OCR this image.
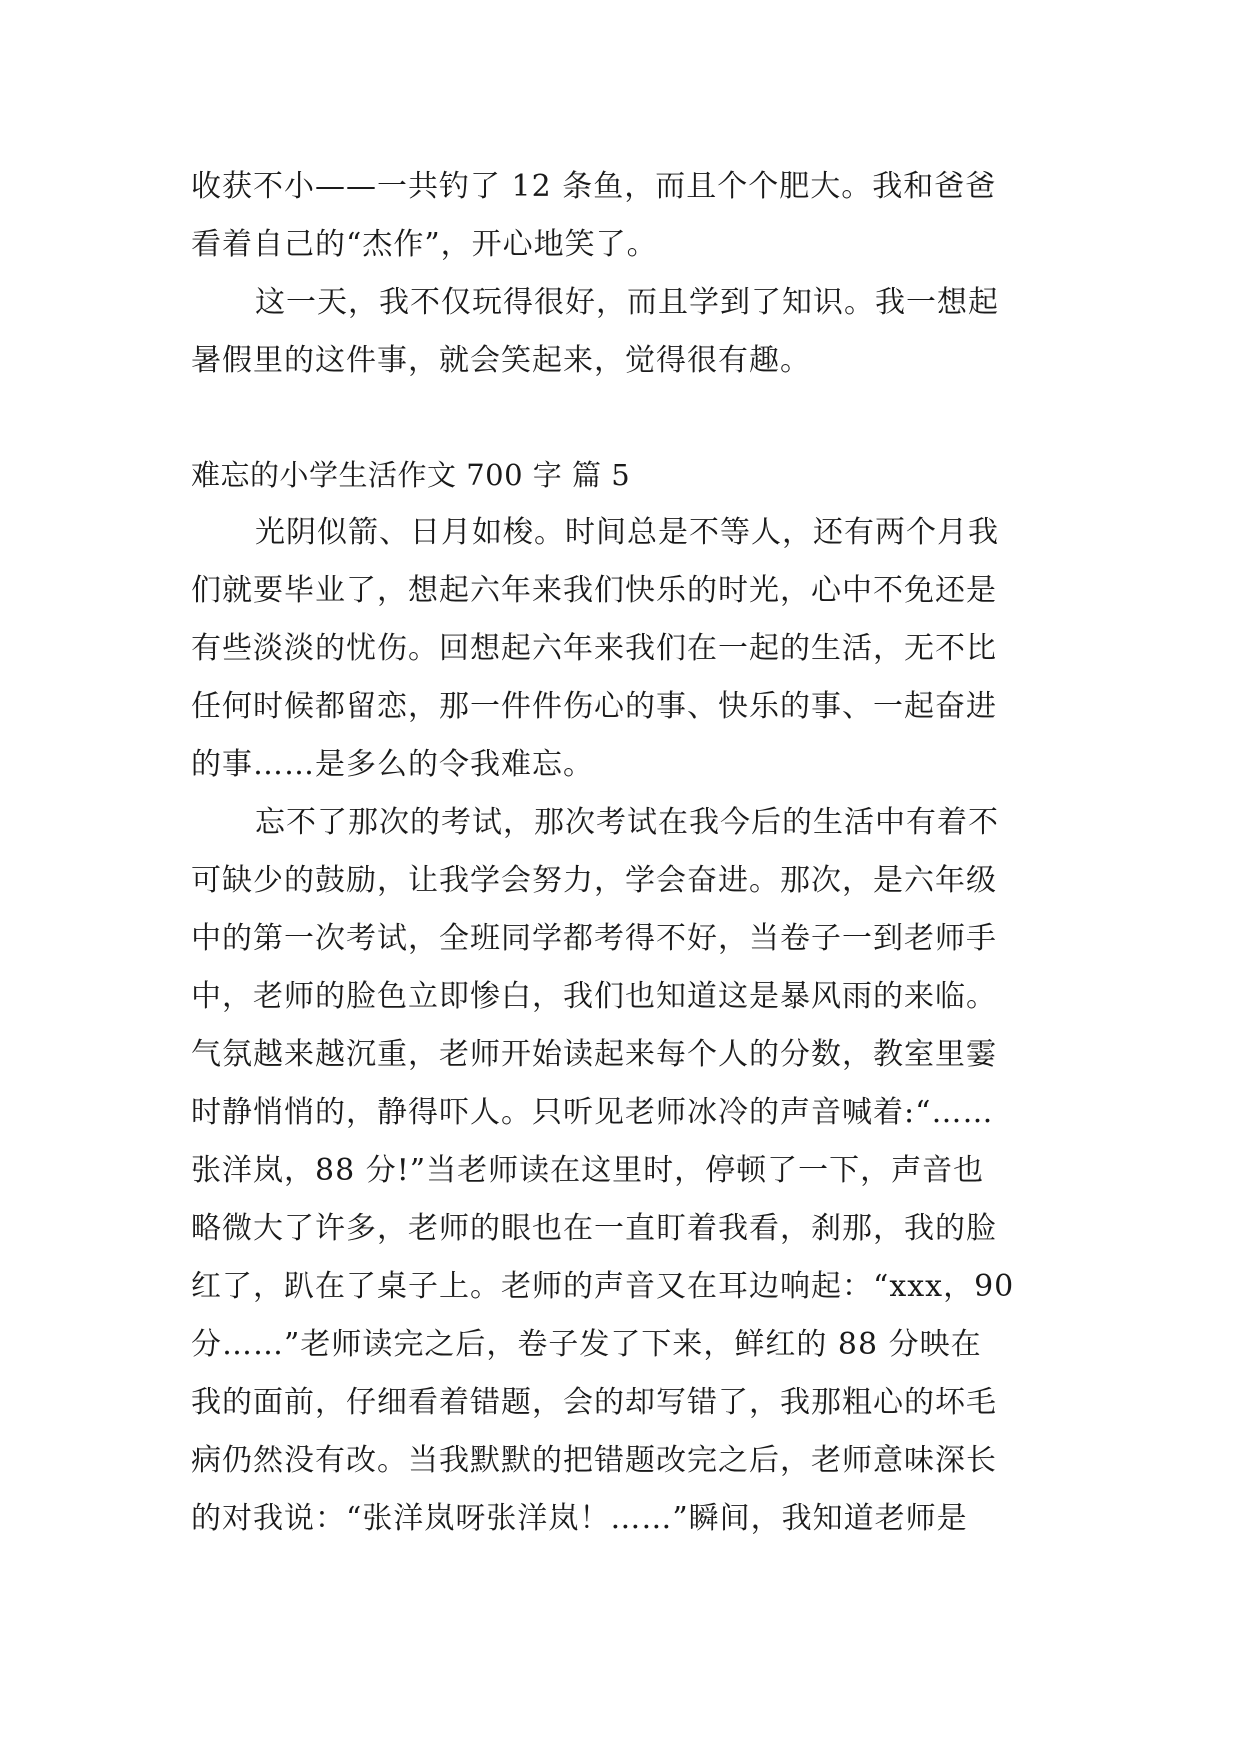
收获不小——一共钓了 12 条鱼，而且个个肥大。我和爸爸
看着自己的“杰作”，开心地笑了。
这一天，我不仅玩得很好，而且学到了知识。我一想起
暑假里的这件事，就会笑起来，觉得很有趣。
难忘的小学生活作文 700 字 篇 5
光阴似箭、日月如梭。时间总是不等人，还有两个月我
们就要毕业了，想起六年来我们快乐的时光，心中不免还是
有些淡淡的忧伤。回想起六年来我们在一起的生活，无不比
任何时候都留恋，那一件件伤心的事、快乐的事、一起奋进
的事……是多么的令我难忘。
忘不了那次的考试，那次考试在我今后的生活中有着不
可缺少的鼓励，让我学会努力，学会奋进。那次，是六年级
中的第一次考试，全班同学都考得不好，当卷子一到老师手
中，老师的脸色立即惨白，我们也知道这是暴风雨的来临。
气氛越来越沉重，老师开始读起来每个人的分数，教室里霎
时静悄悄的，静得吓人。只听见老师冰冷的声音喊着:“……
张洋岚，88 分!”当老师读在这里时，停顿了一下，声音也
略微大了许多，老师的眼也在一直盯着我看，刹那，我的脸
红了，趴在了桌子上。老师的声音又在耳边响起：“xxx，90
分……”老师读完之后，卷子发了下来，鲜红的 88 分映在
我的面前，仔细看着错题，会的却写错了，我那粗心的坏毛
病仍然没有改。当我默默的把错题改完之后，老师意味深长
的对我说：“张洋岚呀张洋岚！……”瞬间，我知道老师是
